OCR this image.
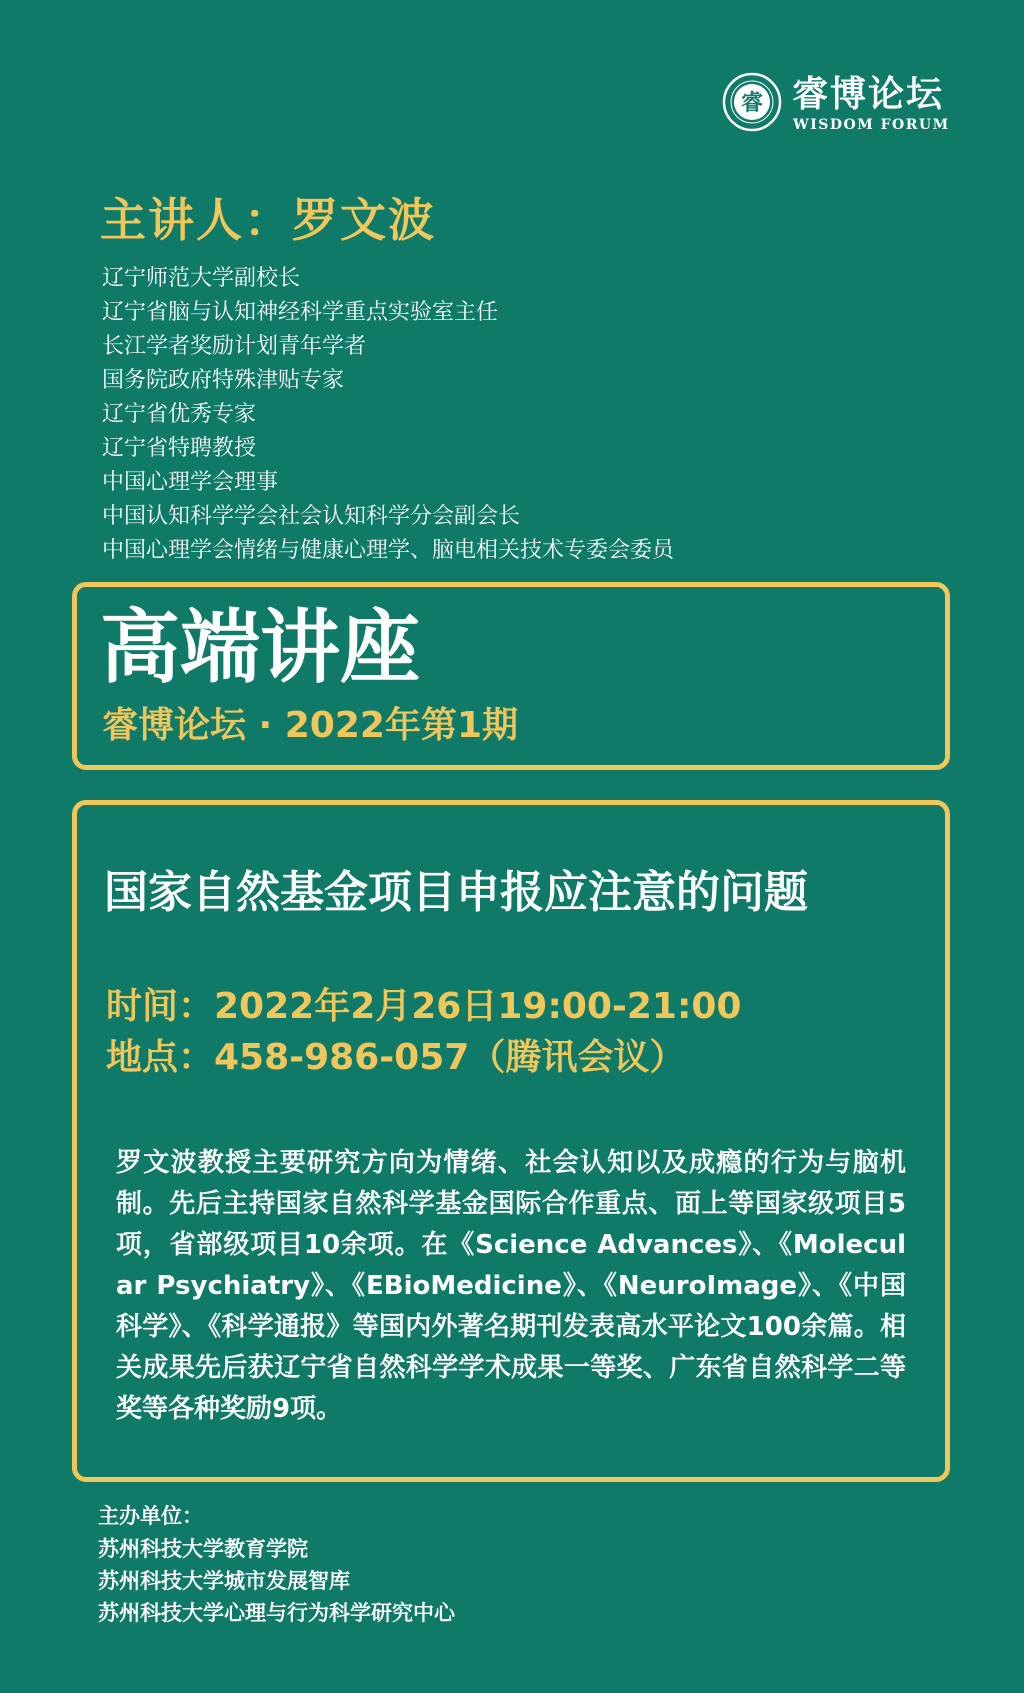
睿 睿博论坛
WISDOM FORUM
主讲人：罗文波
辽宁师范大学副校长
辽宁省脑与认知神经科学重点实验室主任
长江学者奖励计划青年学者
国务院政府特殊津贴专家
辽宁省优秀专家
辽宁省特聘教授
中国心理学会理事
中国认知科学学会社会认知科学分会副会长
中国心理学会情绪与健康心理学、脑电相关技术专委会委员
高端讲座
睿博论坛 · 2022年第1期
国家自然基金项目申报应注意的问题
时间：2022年2月26日19:00-21:00
地点：458-986-057（腾讯会议）
罗文波教授主要研究方向为情绪、社会认知以及成瘾的行为与脑机制。先后主持国家自然科学基金国际合作重点、面上等国家级项目5项，省部级项目10余项。在《Science Advances》、《Molecular Psychiatry》、《EBioMedicine》、《NeuroImage》、《中国科学》、《科学通报》等国内外著名期刊发表高水平论文100余篇。相关成果先后获辽宁省自然科学学术成果一等奖、广东省自然科学二等奖等各种奖励9项。
主办单位：
苏州科技大学教育学院
苏州科技大学城市发展智库
苏州科技大学心理与行为科学研究中心
